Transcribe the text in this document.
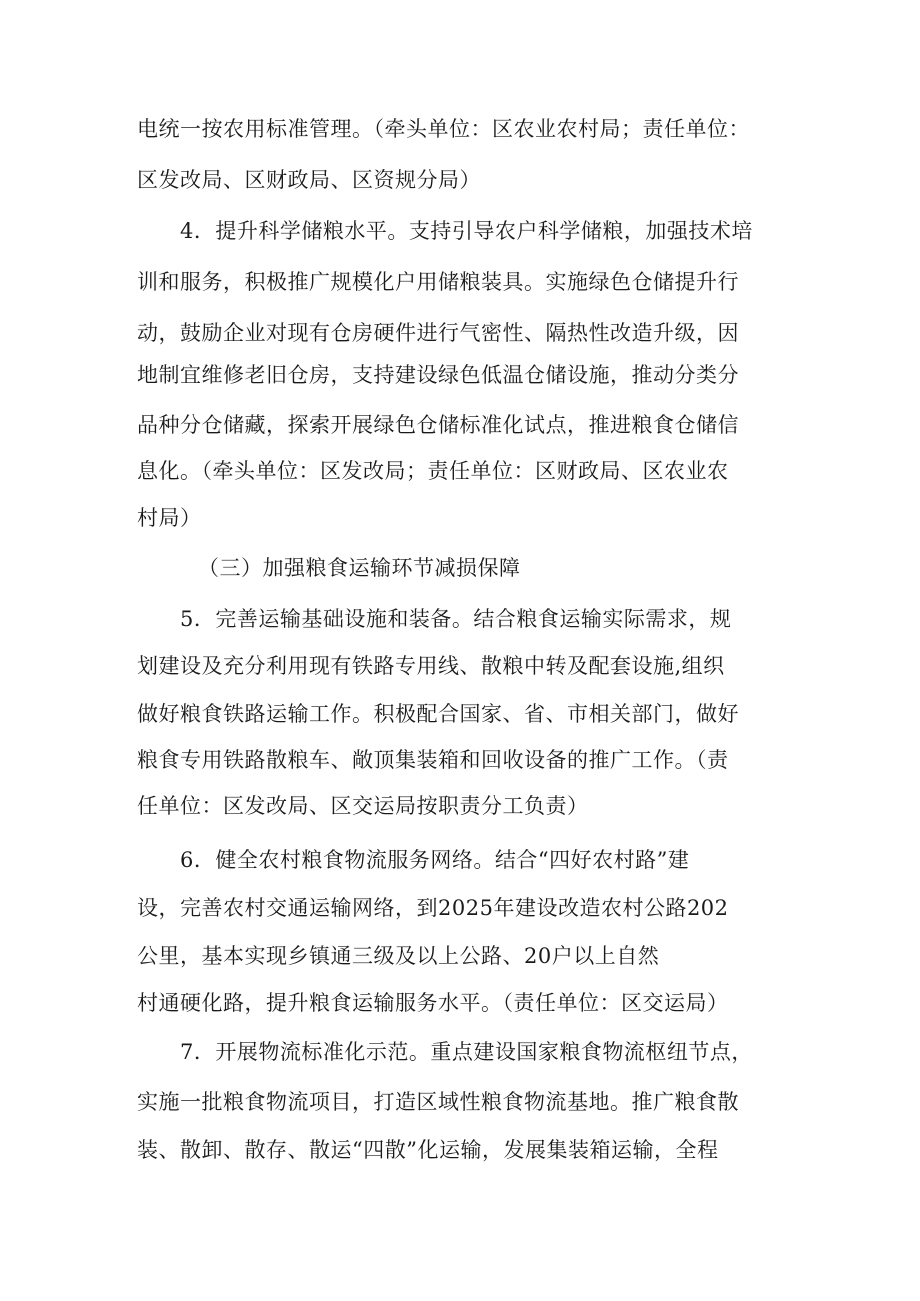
电统一按农用标准管理。（牵头单位：区农业农村局；责任单位：
区发改局、区财政局、区资规分局）
4．提升科学储粮水平。支持引导农户科学储粮，加强技术培
训和服务，积极推广规模化户用储粮装具。实施绿色仓储提升行
动，鼓励企业对现有仓房硬件进行气密性、隔热性改造升级，因
地制宜维修老旧仓房，支持建设绿色低温仓储设施，推动分类分
品种分仓储藏，探索开展绿色仓储标准化试点，推进粮食仓储信
息化。（牵头单位：区发改局；责任单位：区财政局、区农业农
村局）
（三）加强粮食运输环节减损保障
5．完善运输基础设施和装备。结合粮食运输实际需求，规
划建设及充分利用现有铁路专用线、散粮中转及配套设施,组织
做好粮食铁路运输工作。积极配合国家、省、市相关部门，做好
粮食专用铁路散粮车、敞顶集装箱和回收设备的推广工作。（责
任单位：区发改局、区交运局按职责分工负责）
6．健全农村粮食物流服务网络。结合“四好农村路”建
设，完善农村交通运输网络，到2025年建设改造农村公路202
公里，基本实现乡镇通三级及以上公路、20户以上自然
村通硬化路，提升粮食运输服务水平。（责任单位：区交运局）
7．开展物流标准化示范。重点建设国家粮食物流枢纽节点，
实施一批粮食物流项目，打造区域性粮食物流基地。推广粮食散
装、散卸、散存、散运“四散”化运输，发展集装箱运输，全程
